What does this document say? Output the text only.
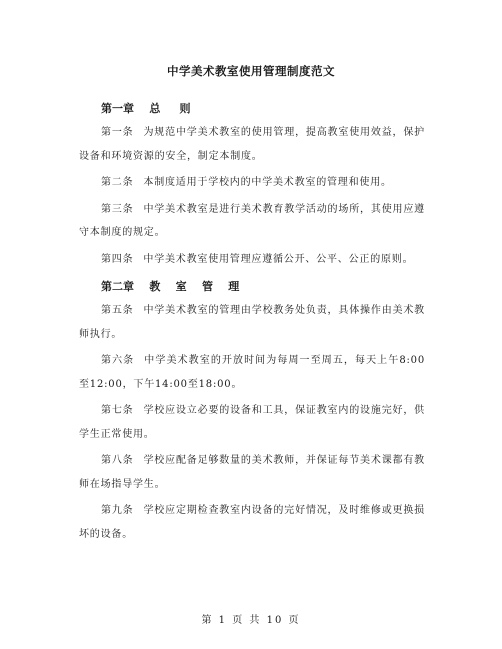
中学美术教室使用管理制度范文
第一章    总     则

第一条 为规范中学美术教室的使用管理，提高教室使用效益，保护设备和环境资源的安全，制定本制度。

第二条 本制度适用于学校内的中学美术教室的管理和使用。

第三条 中学美术教室是进行美术教育教学活动的场所，其使用应遵守本制度的规定。

第四条 中学美术教室使用管理应遵循公开、公平、公正的原则。

第二章    教    室    管    理

第五条 中学美术教室的管理由学校教务处负责，具体操作由美术教师执行。

第六条 中学美术教室的开放时间为每周一至周五，每天上午8:00至12:00，下午14:00至18:00。

第七条 学校应设立必要的设备和工具，保证教室内的设施完好，供学生正常使用。

第八条 学校应配备足够数量的美术教师，并保证每节美术课都有教师在场指导学生。

第九条 学校应定期检查教室内设备的完好情况，及时维修或更换损坏的设备。

第 1 页 共 10 页
